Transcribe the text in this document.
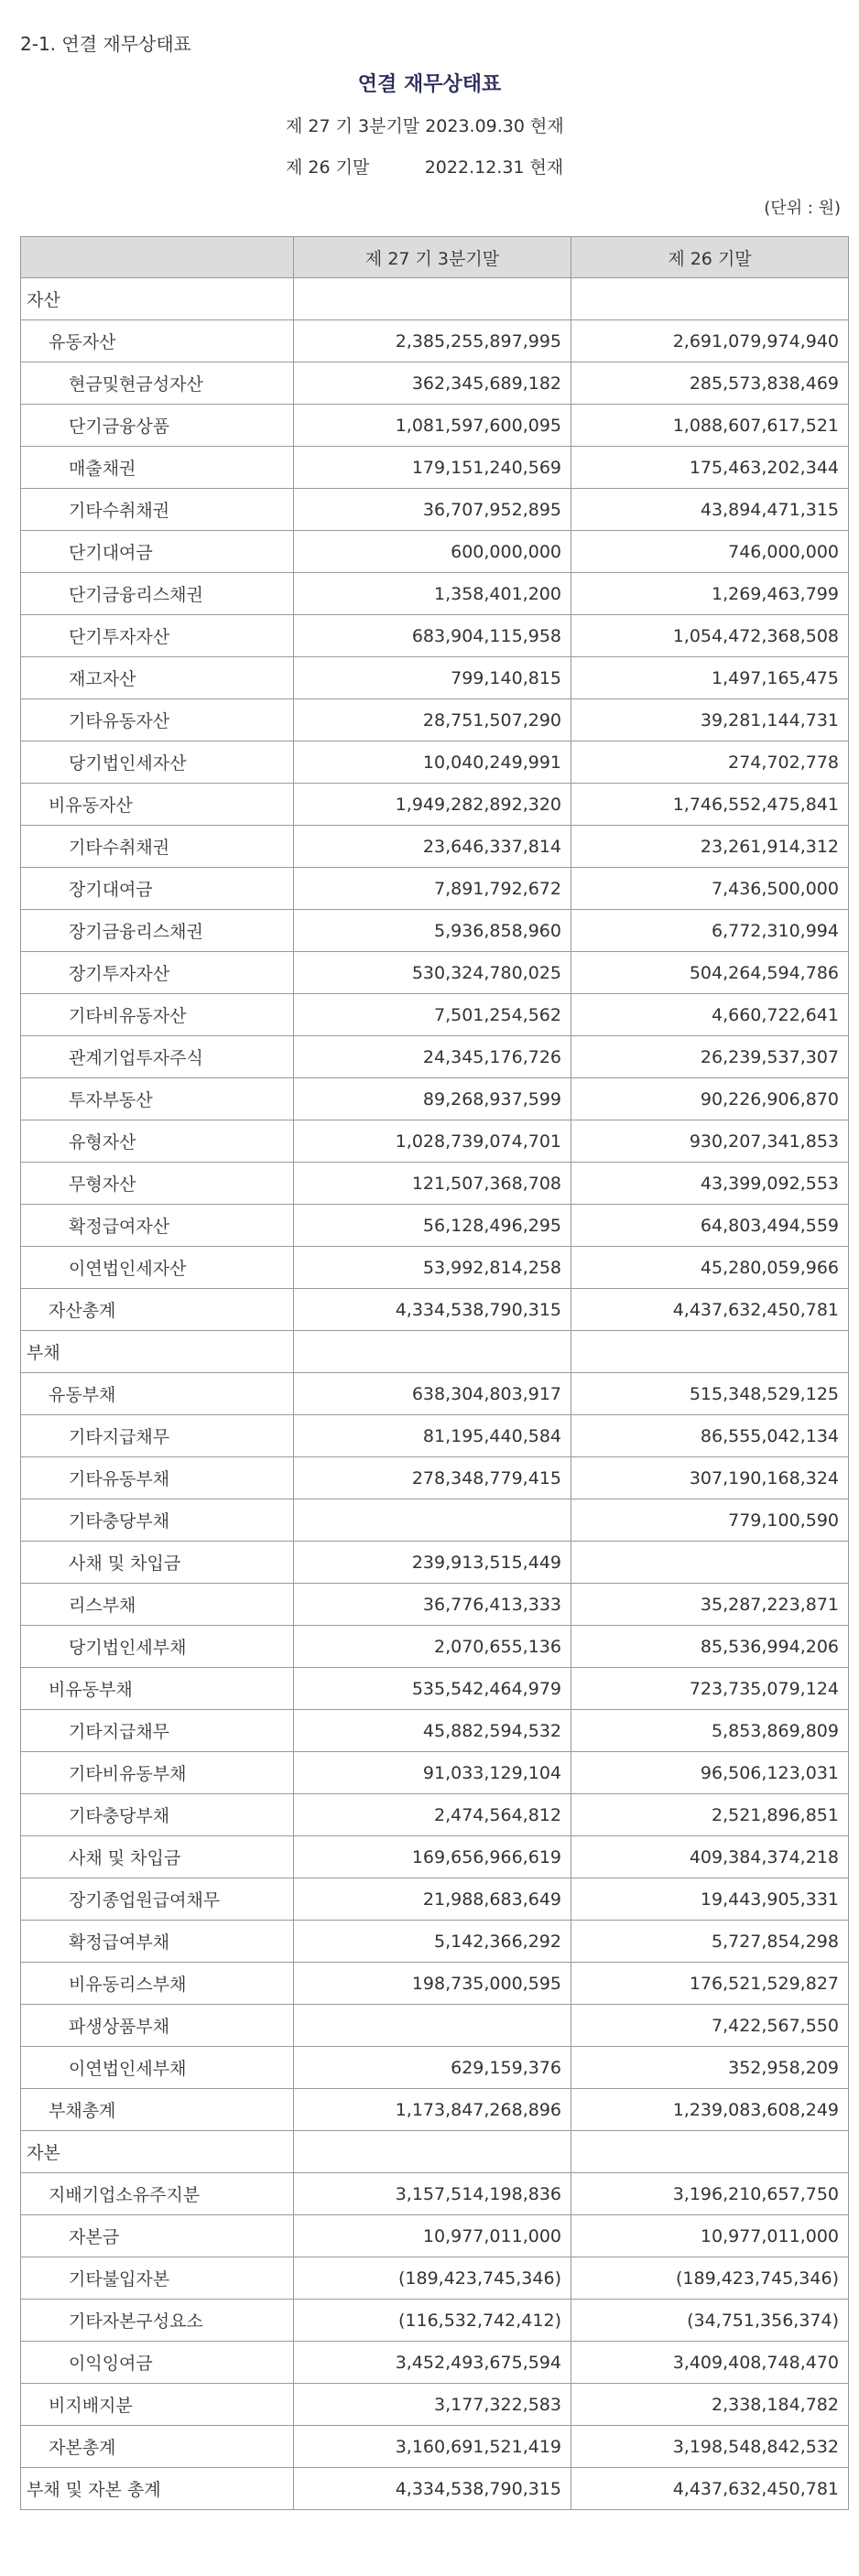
2-1. 연결 재무상태표
연결 재무상태표
제 27 기 3분기말 2023.09.30 현재
제 26 기말          2022.12.31 현재
(단위 : 원)
	제 27 기 3분기말	제 26 기말
자산		
유동자산	2,385,255,897,995	2,691,079,974,940
현금및현금성자산	362,345,689,182	285,573,838,469
단기금융상품	1,081,597,600,095	1,088,607,617,521
매출채권	179,151,240,569	175,463,202,344
기타수취채권	36,707,952,895	43,894,471,315
단기대여금	600,000,000	746,000,000
단기금융리스채권	1,358,401,200	1,269,463,799
단기투자자산	683,904,115,958	1,054,472,368,508
재고자산	799,140,815	1,497,165,475
기타유동자산	28,751,507,290	39,281,144,731
당기법인세자산	10,040,249,991	274,702,778
비유동자산	1,949,282,892,320	1,746,552,475,841
기타수취채권	23,646,337,814	23,261,914,312
장기대여금	7,891,792,672	7,436,500,000
장기금융리스채권	5,936,858,960	6,772,310,994
장기투자자산	530,324,780,025	504,264,594,786
기타비유동자산	7,501,254,562	4,660,722,641
관계기업투자주식	24,345,176,726	26,239,537,307
투자부동산	89,268,937,599	90,226,906,870
유형자산	1,028,739,074,701	930,207,341,853
무형자산	121,507,368,708	43,399,092,553
확정급여자산	56,128,496,295	64,803,494,559
이연법인세자산	53,992,814,258	45,280,059,966
자산총계	4,334,538,790,315	4,437,632,450,781
부채		
유동부채	638,304,803,917	515,348,529,125
기타지급채무	81,195,440,584	86,555,042,134
기타유동부채	278,348,779,415	307,190,168,324
기타충당부채		779,100,590
사채 및 차입금	239,913,515,449	
리스부채	36,776,413,333	35,287,223,871
당기법인세부채	2,070,655,136	85,536,994,206
비유동부채	535,542,464,979	723,735,079,124
기타지급채무	45,882,594,532	5,853,869,809
기타비유동부채	91,033,129,104	96,506,123,031
기타충당부채	2,474,564,812	2,521,896,851
사채 및 차입금	169,656,966,619	409,384,374,218
장기종업원급여채무	21,988,683,649	19,443,905,331
확정급여부채	5,142,366,292	5,727,854,298
비유동리스부채	198,735,000,595	176,521,529,827
파생상품부채		7,422,567,550
이연법인세부채	629,159,376	352,958,209
부채총계	1,173,847,268,896	1,239,083,608,249
자본		
지배기업소유주지분	3,157,514,198,836	3,196,210,657,750
자본금	10,977,011,000	10,977,011,000
기타불입자본	(189,423,745,346)	(189,423,745,346)
기타자본구성요소	(116,532,742,412)	(34,751,356,374)
이익잉여금	3,452,493,675,594	3,409,408,748,470
비지배지분	3,177,322,583	2,338,184,782
자본총계	3,160,691,521,419	3,198,548,842,532
부채 및 자본 총계	4,334,538,790,315	4,437,632,450,781
